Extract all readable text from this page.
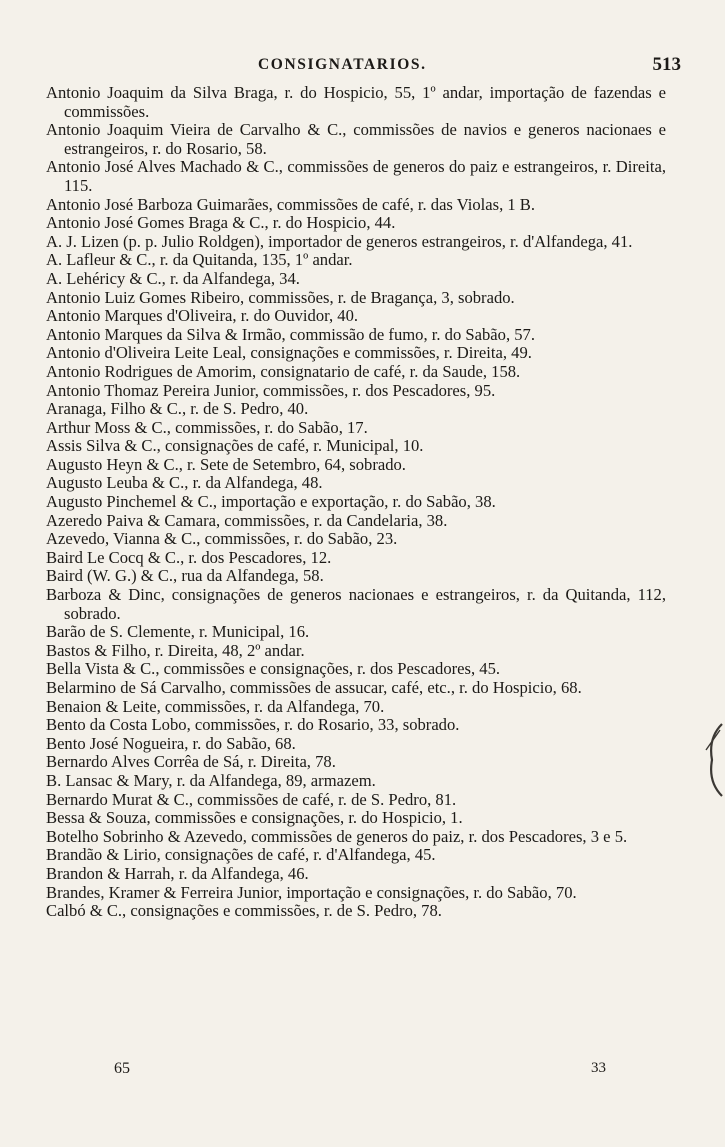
CONSIGNATARIOS.	513

Antonio Joaquim da Silva Braga, r. do Hospicio, 55, 1º andar, importação de fazendas e commissões.

Antonio Joaquim Vieira de Carvalho & C., commissões de navios e generos nacionaes e estrangeiros, r. do Rosario, 58.

Antonio José Alves Machado & C., commissões de generos do paiz e estrangeiros, r. Direita, 115.

Antonio José Barboza Guimarães, commissões de café, r. das Violas, 1 B.

Antonio José Gomes Braga & C., r. do Hospicio, 44.

A. J. Lizen (p. p. Julio Roldgen), importador de generos estrangeiros, r. d'Alfandega, 41.

A. Lafleur & C., r. da Quitanda, 135, 1º andar.

A. Lehéricy & C., r. da Alfandega, 34.

Antonio Luiz Gomes Ribeiro, commissões, r. de Bragança, 3, sobrado.

Antonio Marques d'Oliveira, r. do Ouvidor, 40.

Antonio Marques da Silva & Irmão, commissão de fumo, r. do Sabão, 57.

Antonio d'Oliveira Leite Leal, consignações e commissões, r. Direita, 49.

Antonio Rodrigues de Amorim, consignatario de café, r. da Saude, 158.

Antonio Thomaz Pereira Junior, commissões, r. dos Pescadores, 95.

Aranaga, Filho & C., r. de S. Pedro, 40.

Arthur Moss & C., commissões, r. do Sabão, 17.

Assis Silva & C., consignações de café, r. Municipal, 10.

Augusto Heyn & C., r. Sete de Setembro, 64, sobrado.

Augusto Leuba & C., r. da Alfandega, 48.

Augusto Pinchemel & C., importação e exportação, r. do Sabão, 38.

Azeredo Paiva & Camara, commissões, r. da Candelaria, 38.

Azevedo, Vianna & C., commissões, r. do Sabão, 23.

Baird Le Cocq & C., r. dos Pescadores, 12.

Baird (W. G.) & C., rua da Alfandega, 58.

Barboza & Dinc, consignações de generos nacionaes e estrangeiros, r. da Quitanda, 112, sobrado.

Barão de S. Clemente, r. Municipal, 16.

Bastos & Filho, r. Direita, 48, 2º andar.

Bella Vista & C., commissões e consignações, r. dos Pescadores, 45.

Belarmino de Sá Carvalho, commissões de assucar, café, etc., r. do Hospicio, 68.

Benaion & Leite, commissões, r. da Alfandega, 70.

Bento da Costa Lobo, commissões, r. do Rosario, 33, sobrado.

Bento José Nogueira, r. do Sabão, 68.

Bernardo Alves Corrêa de Sá, r. Direita, 78.

B. Lansac & Mary, r. da Alfandega, 89, armazem.

Bernardo Murat & C., commissões de café, r. de S. Pedro, 81.

Bessa & Souza, commissões e consignações, r. do Hospicio, 1.

Botelho Sobrinho & Azevedo, commissões de generos do paiz, r. dos Pescadores, 3 e 5.

Brandão & Lirio, consignações de café, r. d'Alfandega, 45.

Brandon & Harrah, r. da Alfandega, 46.

Brandes, Kramer & Ferreira Junior, importação e consignações, r. do Sabão, 70.

Calbó & C., consignações e commissões, r. de S. Pedro, 78.

65	33
